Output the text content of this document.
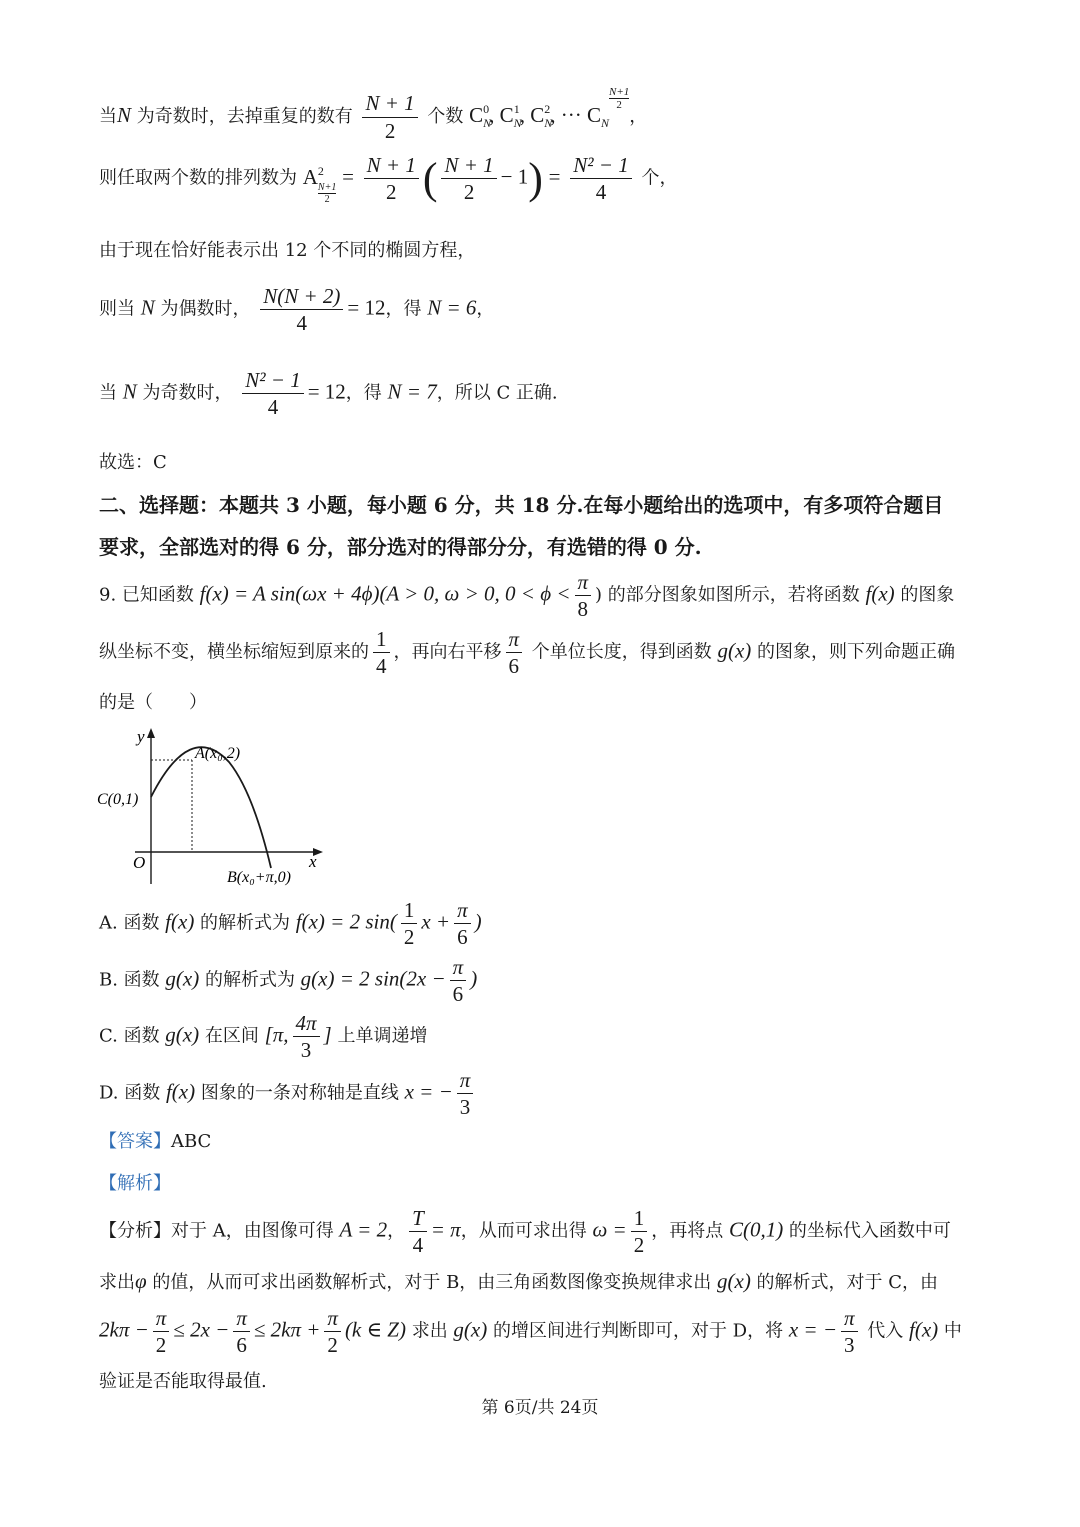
当N 为奇数时，去掉重复的数有 $\frac{N + 1}{2}$ 个数 $C_N^0$, $C_N^1$, $C_N^2$, ··· $C_N$
$\frac{N+1}{2}$
，
则任取两个数的排列数为 $A^2$
$\frac{N+1}{2}$
= $\frac{N + 1}{2}$ ( $\frac{N + 1}{2} - 1) = \frac{\text{N² − 1}}{4}$ 个，
由于现在恰好能表示出 12 个不同的椭圆方程，
则当 N 为偶数时， $\frac{N(N + 2)}{4} = 12$，得 N = 6，
当 N 为奇数时， $\frac{\text{N² − 1}}{4} = 12$，得 N = 7，所以 C 正确.
故选：C
二、选择题：本题共 3 小题，每小题 6 分，共 18 分.在每小题给出的选项中，有多项符合题目
要求，全部选对的得 6 分，部分选对的得部分分，有选错的得 0 分.
9. 已知函数 f(x) = A sin(ωx + 4ϕ)(A > 0, ω > 0, $0 < \phi < \frac{\pi}{8}$ ) 的部分图象如图所示，若将函数 f(x) 的图象
纵坐标不变，横坐标缩短到原来的 $\frac{1}{4}$ ，再向右平移 $\frac{\pi}{6}$ 个单位长度，得到函数 g(x) 的图象，则下列命题正确
的是（　　）
y
x
O
A(x₀,2)
C(0,1)
B(x₀+π,0)
A. 函数 f(x) 的解析式为 f(x) = 2 $\sin( \frac{1}{2}$ $x + \frac{\pi}{6}$ )
B. 函数 g(x) 的解析式为 g(x) = 2 $\sin(2x - \frac{\pi}{6}$ )
C. 函数 g(x) 在区间 [π, $\frac{4\pi}{3}$ ] 上单调递增
D. 函数 f(x) 图象的一条对称轴是直线 x = − $\frac{\pi}{3}$
【答案】ABC
【解析】
【分析】对于 A，由图像可得 A = 2， $\frac{T}{4} = \pi$，从而可求出得 $\omega = \frac{1}{2}$ ，再将点 C(0,1) 的坐标代入函数中可
求出φ 的值，从而可求出函数解析式，对于 B，由三角函数图像变换规律求出 g(x) 的解析式，对于 C，由
$2k\pi - \frac{\pi}{2} \le 2x - \frac{\pi}{6} \le 2k\pi + \frac{\pi}{2} (k$ ∈ Z) 求出 g(x) 的增区间进行判断即可，对于 D，将 x = − $\frac{\pi}{3}$ 代入 f(x) 中
验证是否能取得最值.
第 6页/共 24页
